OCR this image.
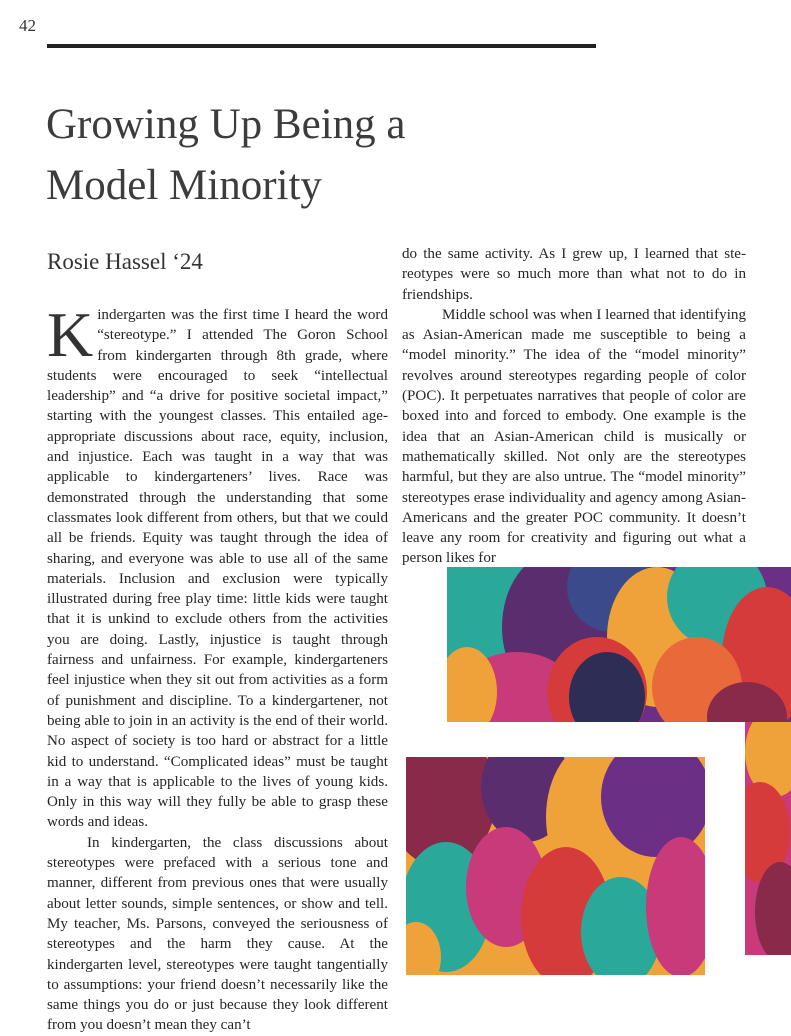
42
Growing Up Being a
Model Minority
Rosie Hassel ‘24

Kindergarten was the first time I heard the word “stereotype.” I attended The Goron School from kindergarten through 8th grade, where students were encouraged to seek “intellectual leadership” and “a drive for positive societal impact,” starting with the youngest classes. This entailed age-appropriate discussions about race, equity, inclusion, and injustice. Each was taught in a way that was applicable to kindergarteners’ lives. Race was demonstrated through the understanding that some classmates look different from others, but that we could all be friends. Equity was taught through the idea of sharing, and everyone was able to use all of the same materials. Inclusion and exclusion were typically illustrated during free play time: little kids were taught that it is unkind to exclude others from the activities you are doing. Lastly, injustice is taught through fairness and unfairness. For example, kindergarteners feel injustice when they sit out from activities as a form of punishment and discipline. To a kindergartener, not being able to join in an activity is the end of their world. No aspect of society is too hard or abstract for a little kid to understand. “Complicated ideas” must be taught in a way that is applicable to the lives of young kids. Only in this way will they fully be able to grasp these words and ideas.

In kindergarten, the class discussions about stereotypes were prefaced with a serious tone and manner, different from previous ones that were usually about letter sounds, simple sentences, or show and tell. My teacher, Ms. Parsons, conveyed the seriousness of stereotypes and the harm they cause. At the kindergarten level, stereotypes were taught tangentially to assumptions: your friend doesn’t necessarily like the same things you do or just because they look different from you doesn’t mean they can’t

do the same activity. As I grew up, I learned that stereotypes were so much more than what not to do in friendships.

Middle school was when I learned that identifying as Asian-American made me susceptible to being a “model minority.” The idea of the “model minority” revolves around stereotypes regarding people of color (POC). It perpetuates narratives that people of color are boxed into and forced to embody. One example is the idea that an Asian-American child is musically or mathematically skilled. Not only are the stereotypes harmful, but they are also untrue. The “model minority” stereotypes erase individuality and agency among Asian-Americans and the greater POC community. It doesn’t leave any room for creativity and figuring out what a person likes for
